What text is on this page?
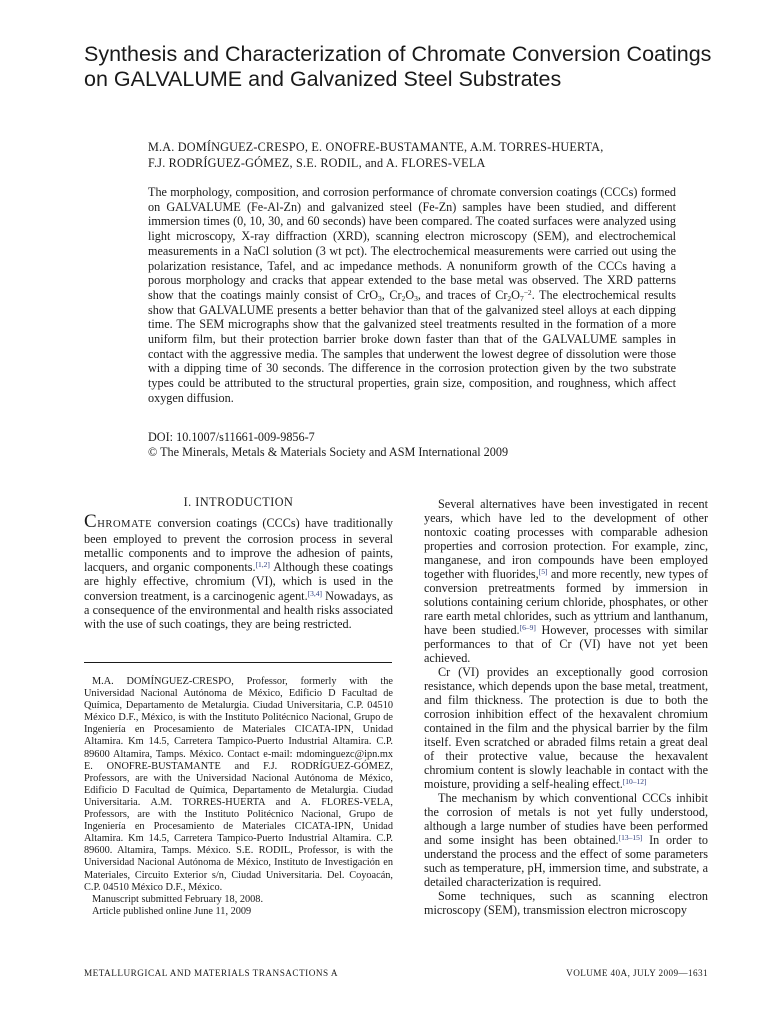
Synthesis and Characterization of Chromate Conversion Coatings on GALVALUME and Galvanized Steel Substrates
M.A. DOMÍNGUEZ-CRESPO, E. ONOFRE-BUSTAMANTE, A.M. TORRES-HUERTA,
F.J. RODRÍGUEZ-GÓMEZ, S.E. RODIL, and A. FLORES-VELA

The morphology, composition, and corrosion performance of chromate conversion coatings (CCCs) formed on GALVALUME (Fe-Al-Zn) and galvanized steel (Fe-Zn) samples have been studied, and different immersion times (0, 10, 30, and 60 seconds) have been compared. The coated surfaces were analyzed using light microscopy, X-ray diffraction (XRD), scanning electron microscopy (SEM), and electrochemical measurements in a NaCl solution (3 wt pct). The electrochemical measurements were carried out using the polarization resistance, Tafel, and ac impedance methods. A nonuniform growth of the CCCs having a porous morphology and cracks that appear extended to the base metal was observed. The XRD patterns show that the coatings mainly consist of CrO$_3$, $Cr_2O_3$, and traces of $Cr_2O_7^{-2}$. The electrochemical results show that GALVALUME presents a better behavior than that of the galvanized steel alloys at each dipping time. The SEM micrographs show that the galvanized steel treatments resulted in the formation of a more uniform film, but their protection barrier broke down faster than that of the GALVALUME samples in contact with the aggressive media. The samples that underwent the lowest degree of dissolution were those with a dipping time of 30 seconds. The difference in the corrosion protection given by the two substrate types could be attributed to the structural properties, grain size, composition, and roughness, which affect oxygen diffusion.

DOI: 10.1007/s11661-009-9856-7
© The Minerals, Metals & Materials Society and ASM International 2009
I. INTRODUCTION

CHROMATE conversion coatings (CCCs) have traditionally been employed to prevent the corrosion process in several metallic components and to improve the adhesion of paints, lacquers, and organic components.[1,2] Although these coatings are highly effective, chromium (VI), which is used in the conversion treatment, is a carcinogenic agent.[3,4] Nowadays, as a consequence of the environmental and health risks associated with the use of such coatings, they are being restricted.

M.A. DOMÍNGUEZ-CRESPO, Professor, formerly with the Universidad Nacional Autónoma de México, Edificio D Facultad de Química, Departamento de Metalurgia. Ciudad Universitaria, C.P. 04510 México D.F., México, is with the Instituto Politécnico Nacional, Grupo de Ingeniería en Procesamiento de Materiales CICATA-IPN, Unidad Altamira. Km 14.5, Carretera Tampico-Puerto Industrial Altamira. C.P. 89600 Altamira, Tamps. México. Contact e-mail: mdominguezc@ipn.mx E. ONOFRE-BUSTAMANTE and F.J. RODRÍGUEZ-GÓMEZ, Professors, are with the Universidad Nacional Autónoma de México, Edificio D Facultad de Química, Departamento de Metalurgia. Ciudad Universitaria. A.M. TORRES-HUERTA and A. FLORES-VELA, Professors, are with the Instituto Politécnico Nacional, Grupo de Ingeniería en Procesamiento de Materiales CICATA-IPN, Unidad Altamira. Km 14.5, Carretera Tampico-Puerto Industrial Altamira. C.P. 89600. Altamira, Tamps. México. S.E. RODIL, Professor, is with the Universidad Nacional Autónoma de México, Instituto de Investigación en Materiales, Circuito Exterior s/n, Ciudad Universitaria. Del. Coyoacán, C.P. 04510 México D.F., México.

Manuscript submitted February 18, 2008.

Article published online June 11, 2009

Several alternatives have been investigated in recent years, which have led to the development of other nontoxic coating processes with comparable adhesion properties and corrosion protection. For example, zinc, manganese, and iron compounds have been employed together with fluorides,[5] and more recently, new types of conversion pretreatments formed by immersion in solutions containing cerium chloride, phosphates, or other rare earth metal chlorides, such as yttrium and lanthanum, have been studied.[6–9] However, processes with similar performances to that of Cr (VI) have not yet been achieved.

Cr (VI) provides an exceptionally good corrosion resistance, which depends upon the base metal, treatment, and film thickness. The protection is due to both the corrosion inhibition effect of the hexavalent chromium contained in the film and the physical barrier by the film itself. Even scratched or abraded films retain a great deal of their protective value, because the hexavalent chromium content is slowly leachable in contact with the moisture, providing a self-healing effect.[10–12]

The mechanism by which conventional CCCs inhibit the corrosion of metals is not yet fully understood, although a large number of studies have been performed and some insight has been obtained.[13–15] In order to understand the process and the effect of some parameters such as temperature, pH, immersion time, and substrate, a detailed characterization is required.

Some techniques, such as scanning electron microscopy (SEM), transmission electron microscopy

METALLURGICAL AND MATERIALS TRANSACTIONS A	VOLUME 40A, JULY 2009—1631
